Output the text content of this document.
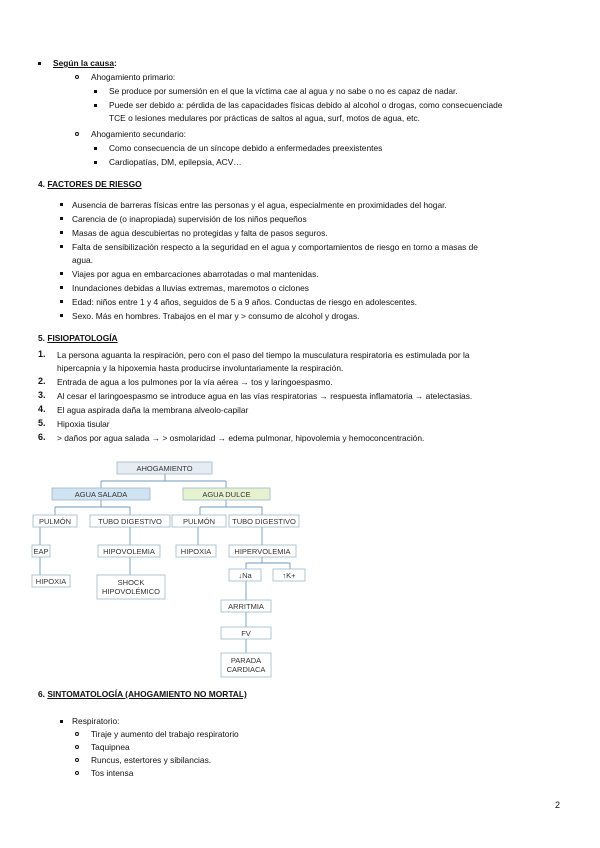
Según la causa:
Ahogamiento primario:
Se produce por sumersión en el que la víctima cae al agua y no sabe o no es capaz de nadar.
Puede ser debido a: pérdida de las capacidades físicas debido al alcohol o drogas, como consecuenciade
TCE o lesiones medulares por prácticas de saltos al agua, surf, motos de agua, etc.
Ahogamiento secundario:
Como consecuencia de un síncope debido a enfermedades preexistentes
Cardiopatías, DM, epilepsia, ACV…
4. FACTORES DE RIESGO
Ausencia de barreras físicas entre las personas y el agua, especialmente en proximidades del hogar.
Carencia de (o inapropiada) supervisión de los niños pequeños
Masas de agua descubiertas no protegidas y falta de pasos seguros.
Falta de sensibilización respecto a la seguridad en el agua y comportamientos de riesgo en torno a masas de
agua.
Viajes por agua en embarcaciones abarrotadas o mal mantenidas.
Inundaciones debidas a lluvias extremas, maremotos o ciclones
Edad: niños entre 1 y 4 años, seguidos de 5 a 9 años. Conductas de riesgo en adolescentes.
Sexo. Más en hombres. Trabajos en el mar y > consumo de alcohol y drogas.
5. FISIOPATOLOGÍA
1. La persona aguanta la respiración, pero con el paso del tiempo la musculatura respiratoria es estimulada por la
hipercapnia y la hipoxemia hasta producirse involuntariamente la respiración.
2. Entrada de agua a los pulmones por la vía aérea → tos y laringoespasmo.
3. Al cesar el laringoespasmo se introduce agua en las vías respiratorias → respuesta inflamatoria → atelectasias.
4. El agua aspirada daña la membrana alveolo-capilar
5. Hipoxia tisular
6. > daños por agua salada → > osmolaridad → edema pulmonar, hipovolemia y hemoconcentración.
AHOGAMIENTO
AGUA SALADA	AGUA DULCE
PULMÓN	TUBO DIGESTIVO	PULMÓN TUBO DIGESTIVO
EAP
HIPOXIA
HIPOVOLEMIA
SHOCK
HIPOVOLÉMICO
HIPOXIA	HIPERVOLEMIA
↓Na	↑K+
ARRITMIA
FV
PARADA
CARDIACA
6. SINTOMATOLOGÍA (AHOGAMIENTO NO MORTAL)
Respiratorio:
Tiraje y aumento del trabajo respiratorio
Taquipnea
Runcus, estertores y sibilancias.
Tos intensa
2
